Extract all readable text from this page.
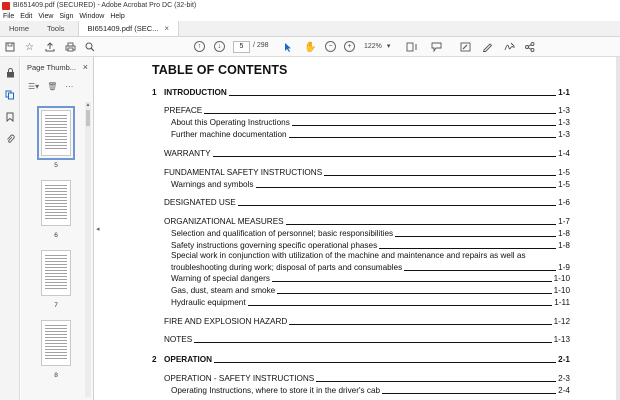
BI651409.pdf (SECURED) - Adobe Acrobat Pro DC (32-bit)
File Edit View Sign Window Help
Home	Tools	BI651409.pdf (SEC... ×
☆	↑	↓	5	/ 298	✋	−	+	122% ▾
Page Thumb... ×
☰▾ 🗑 ⋯
5
6
7
8
▲
◂
TABLE OF CONTENTS
1 INTRODUCTION	1-1
PREFACE	1-3
About this Operating Instructions	1-3
Further machine documentation	1-3
WARRANTY	1-4
FUNDAMENTAL SAFETY INSTRUCTIONS	1-5
Warnings and symbols	1-5
DESIGNATED USE	1-6
ORGANIZATIONAL MEASURES	1-7
Selection and qualification of personnel; basic responsibilities	1-8
Safety instructions governing specific operational phases	1-8
Special work in conjunction with utilization of the machine and maintenance and repairs as well as
troubleshooting during work; disposal of parts and consumables	1-9
Warning of special dangers	1-10
Gas, dust, steam and smoke	1-10
Hydraulic equipment	1-11
FIRE AND EXPLOSION HAZARD	1-12
NOTES	1-13
2 OPERATION	2-1
OPERATION - SAFETY INSTRUCTIONS	2-3
Operating Instructions, where to store it in the driver's cab	2-4
